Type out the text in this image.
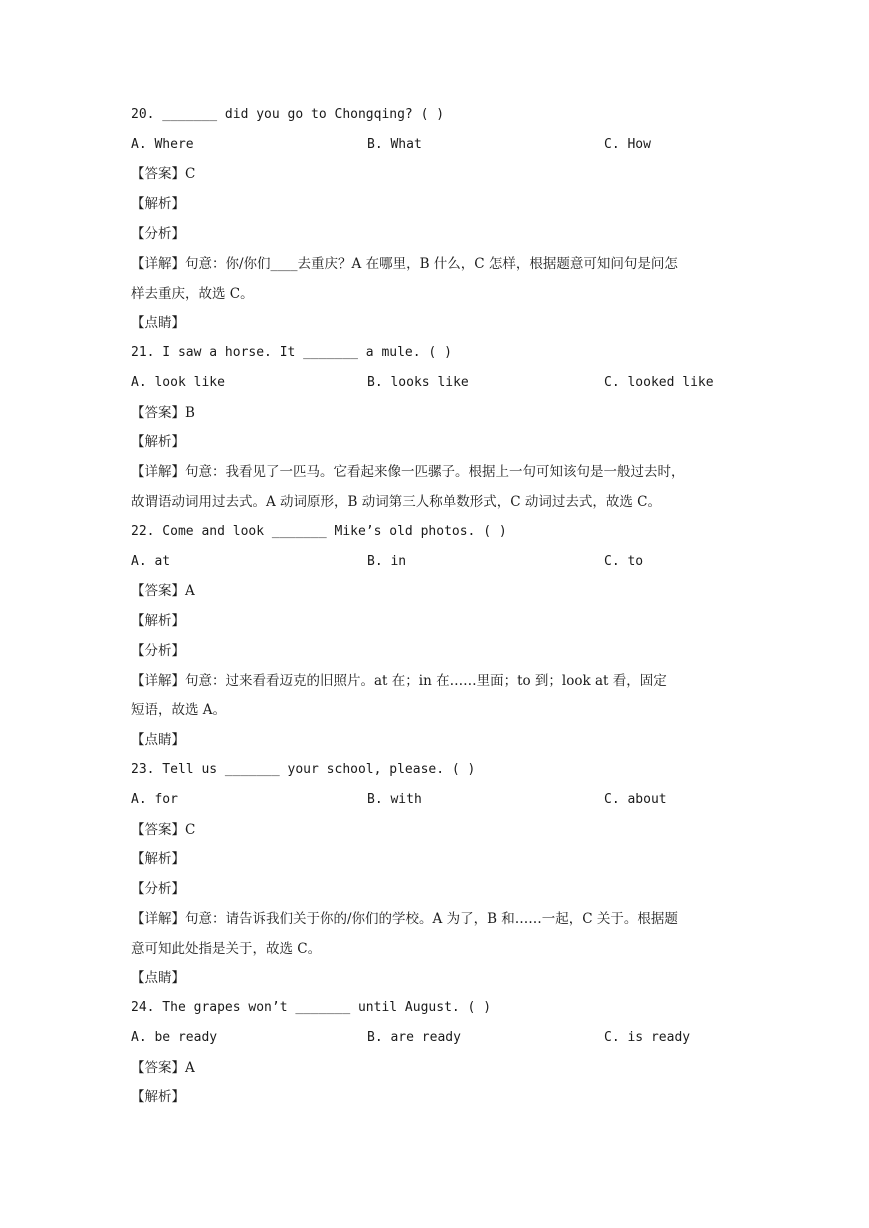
20. _______ did you go to Chongqing? ( )
A. Where	B. What	C. How
【答案】C
【解析】
【分析】
【详解】句意：你/你们____去重庆？A 在哪里，B 什么，C 怎样，根据题意可知问句是问怎
样去重庆，故选 C。
【点睛】
21. I saw a horse. It _______ a mule. ( )
A. look like	B. looks like	C. looked like
【答案】B
【解析】
【详解】句意：我看见了一匹马。它看起来像一匹骡子。根据上一句可知该句是一般过去时，
故谓语动词用过去式。A 动词原形，B 动词第三人称单数形式，C 动词过去式，故选 C。
22. Come and look _______ Mike’s old photos. ( )
A. at	B. in	C. to
【答案】A
【解析】
【分析】
【详解】句意：过来看看迈克的旧照片。at 在；in 在……里面；to 到；look at 看，固定
短语，故选 A。
【点睛】
23. Tell us _______ your school, please. ( )
A. for	B. with	C. about
【答案】C
【解析】
【分析】
【详解】句意：请告诉我们关于你的/你们的学校。A 为了，B 和……一起，C 关于。根据题
意可知此处指是关于，故选 C。
【点睛】
24. The grapes won’t _______ until August. ( )
A. be ready	B. are ready	C. is ready
【答案】A
【解析】
